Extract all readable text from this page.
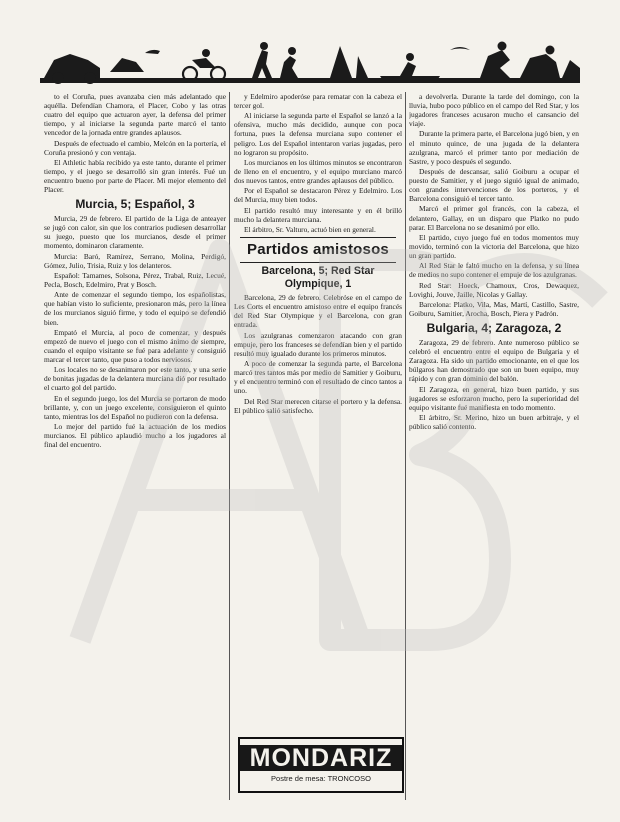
to el Coruña, pues avanzaba cien más adelantado que aquélla. Defendían Chamora, el Placer, Cobo y las otras cuatro del equipo que actuaron ayer, la defensa del primer tiempo, y al iniciarse la segunda parte marcó el tanto vencedor de la jornada entre grandes aplausos.

Después de efectuado el cambio, Melcón en la portería, el Coruña presionó y con ventaja.

El Athletic había recibido ya este tanto, durante el primer tiempo, y el juego se desarrolló sin gran interés. Fué un encuentro bueno por parte de Placer. Mi mejor elemento del Placer.

Murcia, 5; Español, 3

Murcia, 29 de febrero. El partido de la Liga de anteayer se jugó con calor, sin que los contrarios pudiesen desarrollar su juego, puesto que los murcianos, desde el primer momento, dominaron claramente.

Murcia: Baró, Ramírez, Serrano, Molina, Perdigó, Gómez, Julio, Trisia, Ruiz y los delanteros.

Español: Tamames, Solsona, Pérez, Trabal, Ruiz, Lecué, Pecla, Bosch, Edelmiro, Prat y Bosch.

Ante de comenzar el segundo tiempo, los españolistas, que habían visto lo suficiente, presionaron más, pero la línea de los murcianos siguió firme, y todo el equipo se defendió bien.

Empató el Murcia, al poco de comenzar, y después empezó de nuevo el juego con el mismo ánimo de siempre, cuando el equipo visitante se fué para adelante y consiguió marcar el tercer tanto, que puso a todos nerviosos.

Los locales no se desanimaron por este tanto, y una serie de bonitas jugadas de la delantera murciana dió por resultado el cuarto gol del partido.

En el segundo juego, los del Murcia se portaron de modo brillante, y, con un juego excelente, consiguieron el quinto tanto, mientras los del Español no pudieron con la defensa.

Lo mejor del partido fué la actuación de los medios murcianos. El público aplaudió mucho a los jugadores al final del encuentro.

y Edelmiro apoderóse para rematar con la cabeza el tercer gol.

Al iniciarse la segunda parte el Español se lanzó a la ofensiva, mucho más decidido, aunque con poca fortuna, pues la defensa murciana supo contener el peligro. Los del Español intentaron varias jugadas, pero no lograron su propósito.

Los murcianos en los últimos minutos se encontraron de lleno en el encuentro, y el equipo murciano marcó dos nuevos tantos, entre grandes aplausos del público.

Por el Español se destacaron Pérez y Edelmiro. Los del Murcia, muy bien todos.

El partido resultó muy interesante y en él brilló mucho la delantera murciana.

El árbitro, Sr. Valturo, actuó bien en general.

Partidos amistosos
Barcelona, 5; Red Star Olympique, 1

Barcelona, 29 de febrero. Celebróse en el campo de Les Corts el encuentro amistoso entre el equipo francés del Red Star Olympique y el Barcelona, con gran entrada.

Los azulgranas comenzaron atacando con gran empuje, pero los franceses se defendían bien y el partido resultó muy igualado durante los primeros minutos.

A poco de comenzar la segunda parte, el Barcelona marcó tres tantos más por medio de Samitier y Goiburu, y el encuentro terminó con el resultado de cinco tantos a uno.

Del Red Star merecen citarse el portero y la defensa. El público salió satisfecho.

MONDARIZ
Postre de mesa: TRONCOSO

a devolverla. Durante la tarde del domingo, con la lluvia, hubo poco público en el campo del Red Star, y los jugadores franceses acusaron mucho el cansancio del viaje.

Durante la primera parte, el Barcelona jugó bien, y en el minuto quince, de una jugada de la delantera azulgrana, marcó el primer tanto por mediación de Sastre, y poco después el segundo.

Después de descansar, salió Goiburu a ocupar el puesto de Samitier, y el juego siguió igual de animado, con grandes intervenciones de los porteros, y el Barcelona consiguió el tercer tanto.

Marcó el primer gol francés, con la cabeza, el delantero, Gallay, en un disparo que Platko no pudo parar. El Barcelona no se desanimó por ello.

El partido, cuyo juego fué en todos momentos muy movido, terminó con la victoria del Barcelona, que hizo un gran partido.

Al Red Star le faltó mucho en la defensa, y su línea de medios no supo contener el empuje de los azulgranas.

Red Star: Hoeck, Chamoux, Cros, Dewaquez, Lovighi, Jouve, Jaille, Nicolas y Gallay.

Barcelona: Platko, Vila, Mas, Martí, Castillo, Sastre, Goiburu, Samitier, Arocha, Bosch, Piera y Padrón.

Bulgaria, 4; Zaragoza, 2

Zaragoza, 29 de febrero. Ante numeroso público se celebró el encuentro entre el equipo de Bulgaria y el Zaragoza. Ha sido un partido emocionante, en el que los búlgaros han demostrado que son un buen equipo, muy rápido y con gran dominio del balón.

El Zaragoza, en general, hizo buen partido, y sus jugadores se esforzaron mucho, pero la superioridad del equipo visitante fué manifiesta en todo momento.

El árbitro, Sr. Merino, hizo un buen arbitraje, y el público salió contento.
